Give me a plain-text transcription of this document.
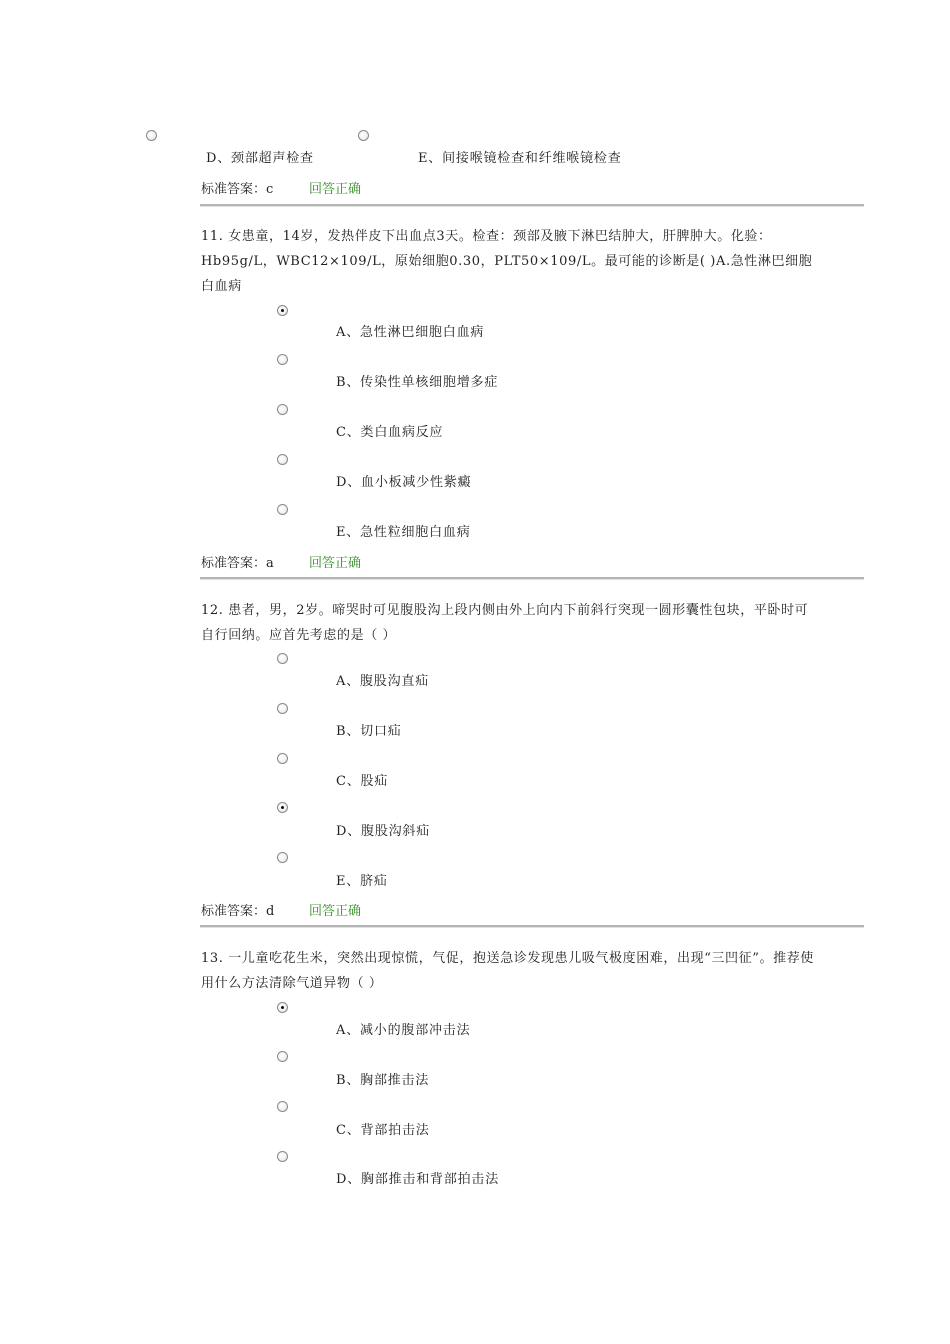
D、颈部超声检查	E、间接喉镜检查和纤维喉镜检查
标准答案：c	回答正确
11. 女患童，14岁，发热伴皮下出血点3天。检查：颈部及腋下淋巴结肿大，肝脾肿大。化验：Hb95g/L，WBC12×109/L，原始细胞0.30，PLT50×109/L。最可能的诊断是( )A.急性淋巴细胞白血病
A、急性淋巴细胞白血病
B、传染性单核细胞增多症
C、类白血病反应
D、血小板减少性紫癜
E、急性粒细胞白血病
标准答案：a	回答正确
12. 患者，男，2岁。啼哭时可见腹股沟上段内侧由外上向内下前斜行突现一圆形囊性包块，平卧时可自行回纳。应首先考虑的是（ ）
A、腹股沟直疝
B、切口疝
C、股疝
D、腹股沟斜疝
E、脐疝
标准答案：d	回答正确
13. 一儿童吃花生米，突然出现惊慌，气促，抱送急诊发现患儿吸气极度困难，出现“三凹征”。推荐使用什么方法清除气道异物（ ）
A、减小的腹部冲击法
B、胸部推击法
C、背部拍击法
D、胸部推击和背部拍击法
